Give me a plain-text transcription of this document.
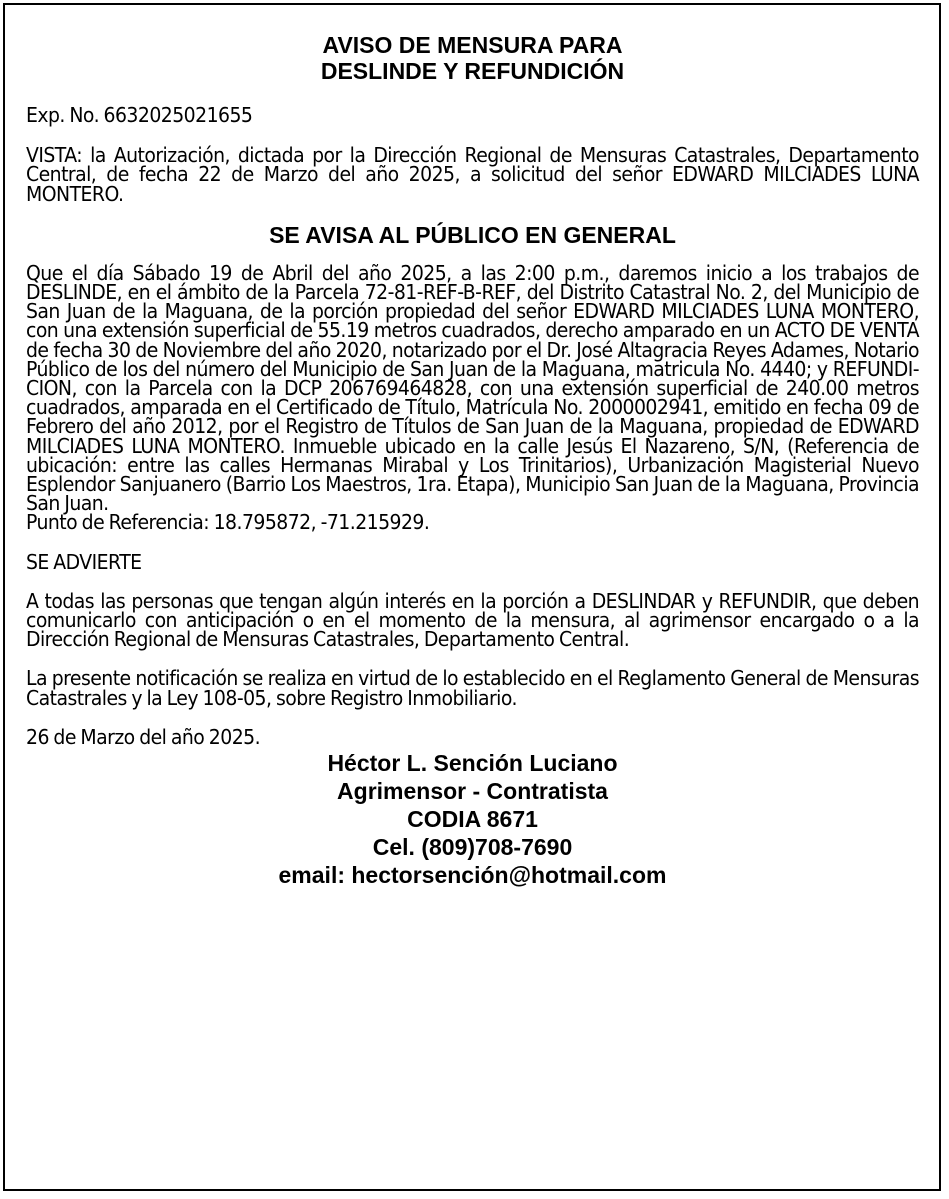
AVISO DE MENSURA PARA
DESLINDE Y REFUNDICIÓN

Exp. No. 6632025021655

VISTA: la Autorización, dictada por la Dirección Regional de Mensuras Catastrales, Departamento Central, de fecha 22 de Marzo del año 2025, a solicitud del señor EDWARD MILCIADES LUNA MONTERO.

SE AVISA AL PÚBLICO EN GENERAL

Que el día Sábado 19 de Abril del año 2025, a las 2:00 p.m., daremos inicio a los trabajos de DESLINDE, en el ámbito de la Parcela 72-81-REF-B-REF, del Distrito Catastral No. 2, del Municipio de San Juan de la Maguana, de la porción propiedad del señor EDWARD MILCIADES LUNA MONTERO, con una extensión superficial de 55.19 metros cuadrados, derecho amparado en un ACTO DE VENTA de fecha 30 de Noviembre del año 2020, notarizado por el Dr. José Altagracia Reyes Adames, Notario Público de los del número del Municipio de San Juan de la Maguana, matricula No. 4440; y REFUNDI-CION, con la Parcela con la DCP 206769464828, con una extensión superficial de 240.00 metros cuadrados, amparada en el Certificado de Título, Matrícula No. 2000002941, emitido en fecha 09 de Febrero del año 2012, por el Registro de Títulos de San Juan de la Maguana, propiedad de EDWARD MILCIADES LUNA MONTERO. Inmueble ubicado en la calle Jesús El Nazareno, S/N, (Referencia de ubicación: entre las calles Hermanas Mirabal y Los Trinitarios), Urbanización Magisterial Nuevo Esplendor Sanjuanero (Barrio Los Maestros, 1ra. Etapa), Municipio San Juan de la Maguana, Provincia San Juan.

Punto de Referencia: 18.795872, -71.215929.

SE ADVIERTE

A todas las personas que tengan algún interés en la porción a DESLINDAR y REFUNDIR, que deben comunicarlo con anticipación o en el momento de la mensura, al agrimensor encargado o a la Dirección Regional de Mensuras Catastrales, Departamento Central.

La presente notificación se realiza en virtud de lo establecido en el Reglamento General de Mensuras Catastrales y la Ley 108-05, sobre Registro Inmobiliario.

26 de Marzo del año 2025.

Héctor L. Sención Luciano
Agrimensor - Contratista
CODIA 8671
Cel. (809)708-7690
email: hectorsención@hotmail.com
